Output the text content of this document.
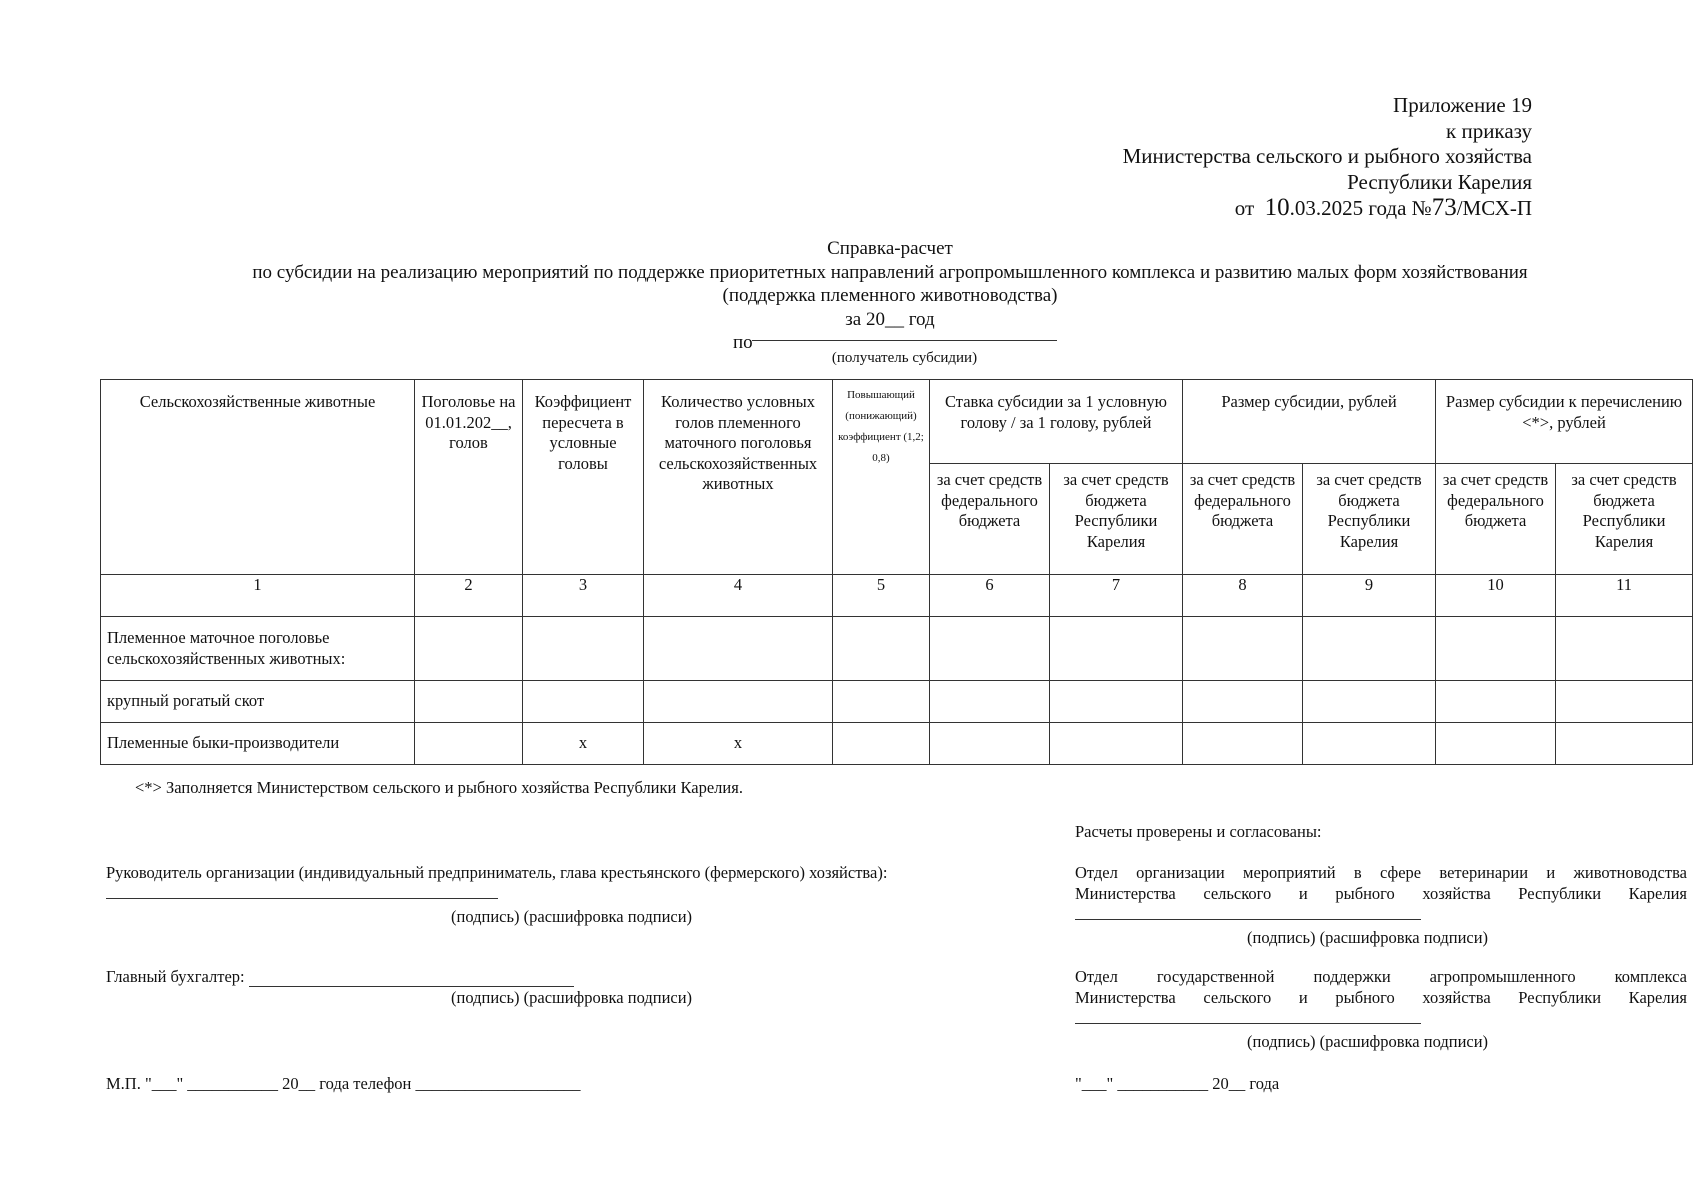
Приложение 19
к приказу
Министерства сельского и рыбного хозяйства
Республики Карелия
от 10.03.2025 года №73/МСХ-П
Справка-расчет
по субсидии на реализацию мероприятий по поддержке приоритетных направлений агропромышленного комплекса и развитию малых форм хозяйствования
(поддержка племенного животноводства)
за 20__ год
по
(получатель субсидии)
Сельскохозяйственные животные	Поголовье на 01.01.202__, голов	Коэффициент пересчета в условные головы	Количество условных голов племенного маточного поголовья сельскохозяйственных животных	Повышающий (понижающий) коэффициент (1,2; 0,8)	Ставка субсидии за 1 условную голову / за 1 голову, рублей		Размер субсидии, рублей		Размер субсидии к перечислению <*>, рублей	
					за счет средств федерального бюджета	за счет средств бюджета Республики Карелия	за счет средств федерального бюджета	за счет средств бюджета Республики Карелия	за счет средств федерального бюджета	за счет средств бюджета Республики Карелия
1	2	3	4	5	6	7	8	9	10	11
Племенное маточное поголовье сельскохозяйственных животных:										
крупный рогатый скот										
Племенные быки-производители		х	х							
<*> Заполняется Министерством сельского и рыбного хозяйства Республики Карелия.
Руководитель организации (индивидуальный предприниматель, глава крестьянского (фермерского) хозяйства):
(подпись) (расшифровка подписи)
Главный бухгалтер:
(подпись) (расшифровка подписи)
М.П. "___" ___________ 20__ года телефон ____________________
Расчеты проверены и согласованы:
Отдел организации мероприятий в сфере ветеринарии и животноводства
Министерства сельского и рыбного хозяйства Республики Карелия
(подпись) (расшифровка подписи)
Отдел государственной поддержки агропромышленного комплекса
Министерства сельского и рыбного хозяйства Республики Карелия
(подпись) (расшифровка подписи)
"___" ___________ 20__ года
